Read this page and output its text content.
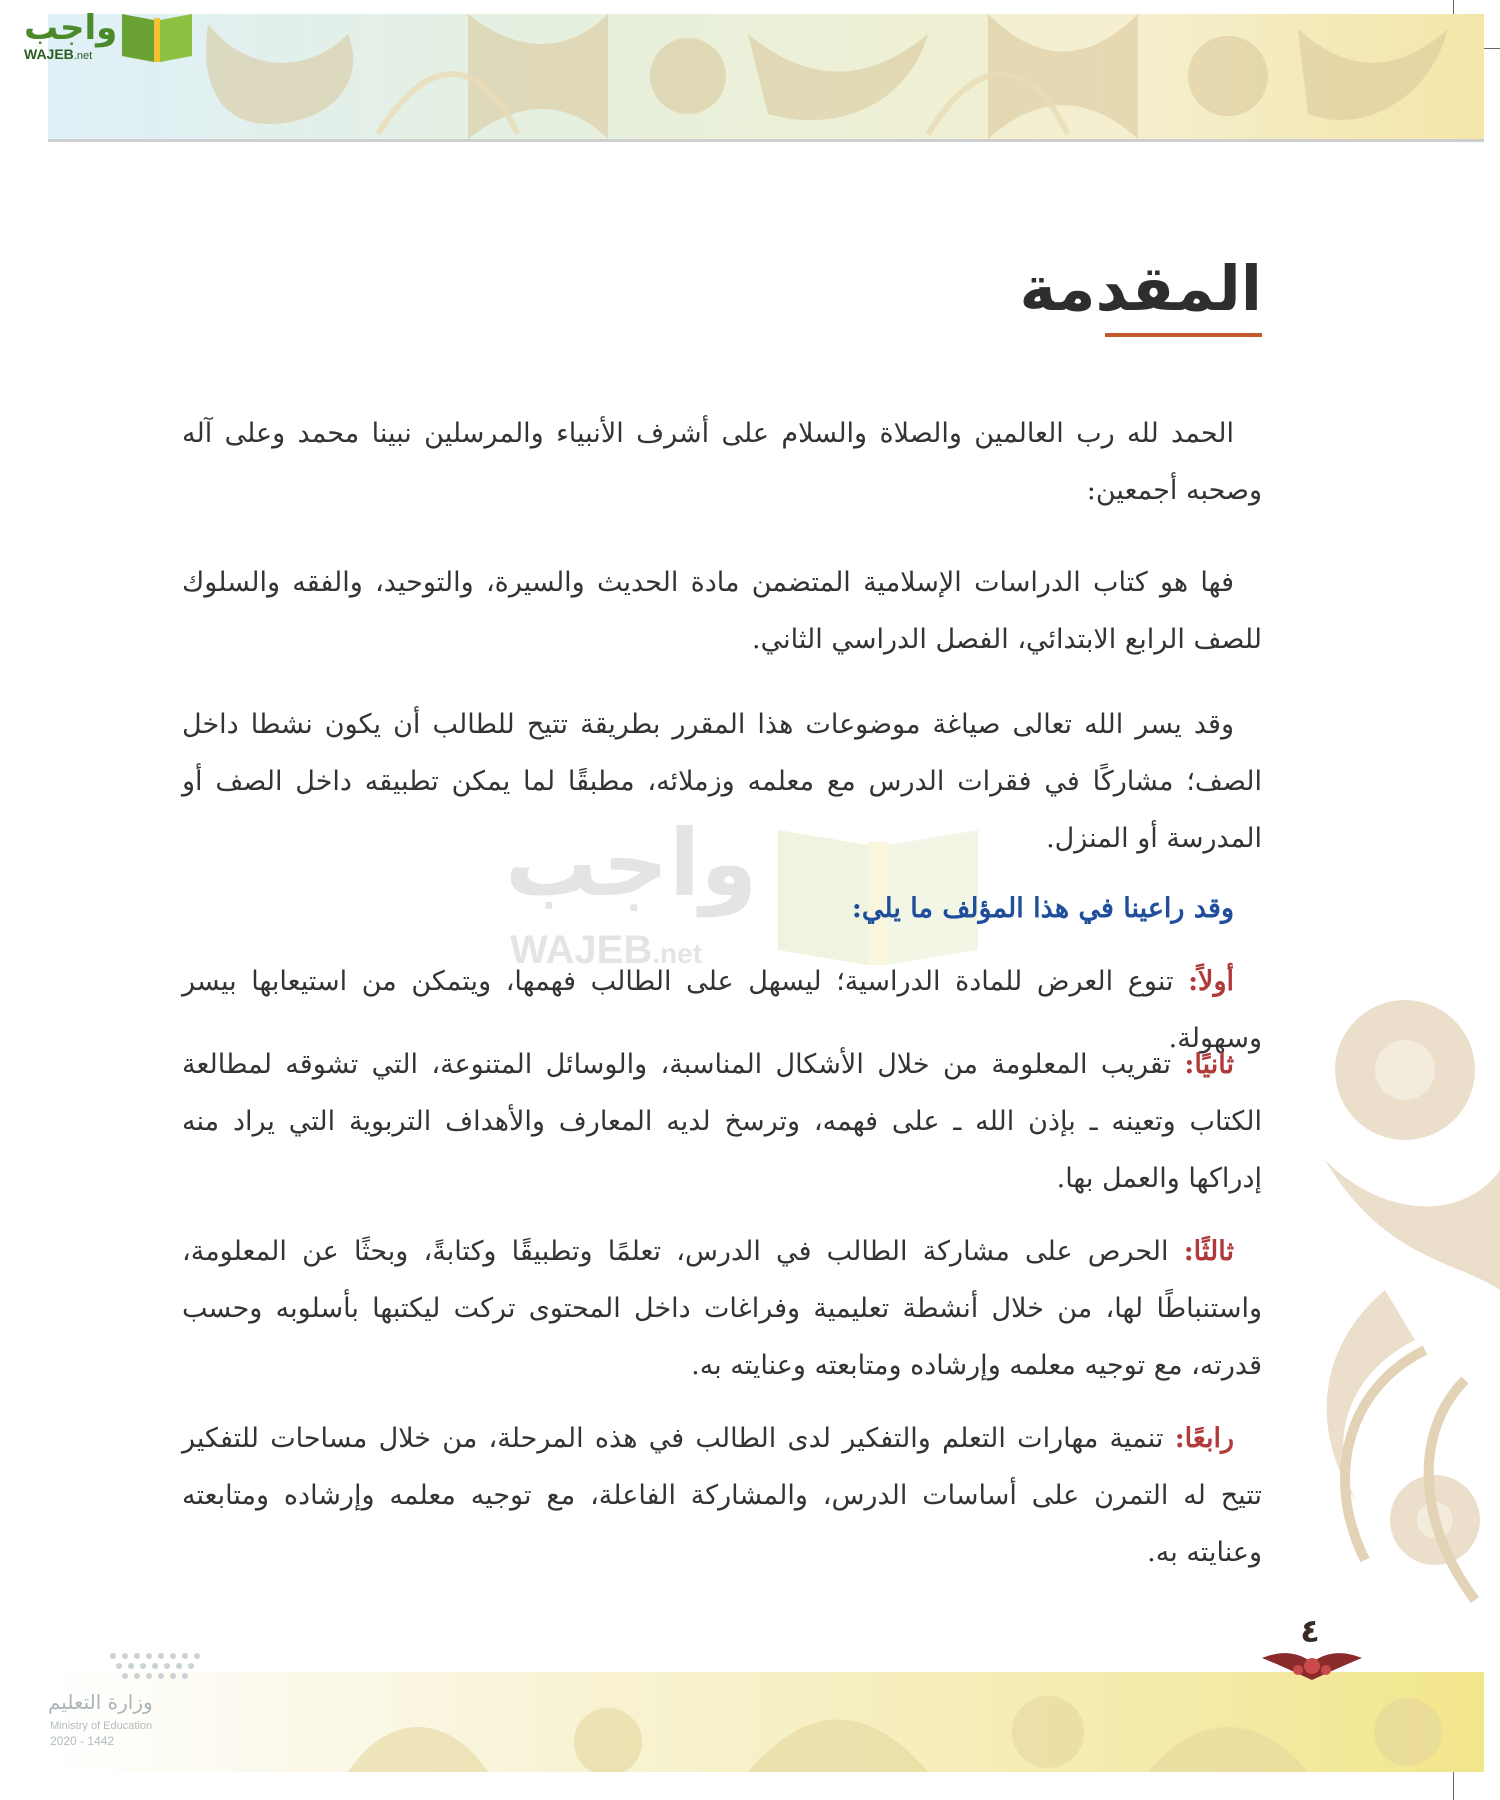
واجب
WAJEB.net
المقدمة
واجب
WAJEB.net

الحمد لله رب العالمين والصلاة والسلام على أشرف الأنبياء والمرسلين نبينا محمد وعلى آله وصحبه أجمعين:

فها هو كتاب الدراسات الإسلامية المتضمن مادة الحديث والسيرة، والتوحيد، والفقه والسلوك للصف الرابع الابتدائي، الفصل الدراسي الثاني.

وقد يسر الله تعالى صياغة موضوعات هذا المقرر بطريقة تتيح للطالب أن يكون نشطا داخل الصف؛ مشاركًا في فقرات الدرس مع معلمه وزملائه، مطبقًا لما يمكن تطبيقه داخل الصف أو المدرسة أو المنزل.

وقد راعينا في هذا المؤلف ما يلي:

أولاً: تنوع العرض للمادة الدراسية؛ ليسهل على الطالب فهمها، ويتمكن من استيعابها بيسر وسهولة.

ثانيًا: تقريب المعلومة من خلال الأشكال المناسبة، والوسائل المتنوعة، التي تشوقه لمطالعة الكتاب وتعينه ـ بإذن الله ـ على فهمه، وترسخ لديه المعارف والأهداف التربوية التي يراد منه إدراكها والعمل بها.

ثالثًا: الحرص على مشاركة الطالب في الدرس، تعلمًا وتطبيقًا وكتابةً، وبحثًا عن المعلومة، واستنباطًا لها، من خلال أنشطة تعليمية وفراغات داخل المحتوى تركت ليكتبها بأسلوبه وحسب قدرته، مع توجيه معلمه وإرشاده ومتابعته وعنايته به.

رابعًا: تنمية مهارات التعلم والتفكير لدى الطالب في هذه المرحلة، من خلال مساحات للتفكير تتيح له التمرن على أساسات الدرس، والمشاركة الفاعلة، مع توجيه معلمه وإرشاده ومتابعته وعنايته به.

٤
وزارة التعليم
Ministry of Education
2020 - 1442
